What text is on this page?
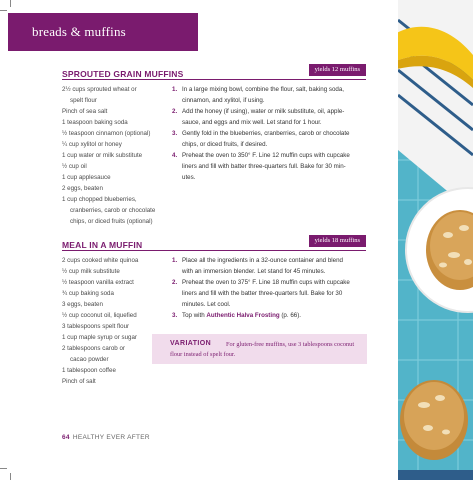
breads & muffins
SPROUTED GRAIN MUFFINS	yields 12 muffins
2½ cups sprouted wheat or
spelt flour
Pinch of sea salt
1 teaspoon baking soda
½ teaspoon cinnamon (optional)
¼ cup xylitol or honey
1 cup water or milk substitute
½ cup oil
1 cup applesauce
2 eggs, beaten
1 cup chopped blueberries,
cranberries, carob or chocolate
chips, or diced fruits (optional)
1. In a large mixing bowl, combine the flour, salt, baking soda,
cinnamon, and xylitol, if using.
2. Add the honey (if using), water or milk substitute, oil, apple-
sauce, and eggs and mix well. Let stand for 1 hour.
3. Gently fold in the blueberries, cranberries, carob or chocolate
chips, or diced fruits, if desired.
4. Preheat the oven to 350° F. Line 12 muffin cups with cupcake
liners and fill with batter three-quarters full. Bake for 30 min-
utes.
MEAL IN A MUFFIN	yields 18 muffins
2 cups cooked white quinoa
½ cup milk substitute
½ teaspoon vanilla extract
¾ cup baking soda
3 eggs, beaten
½ cup coconut oil, liquefied
3 tablespoons spelt flour
1 cup maple syrup or sugar
2 tablespoons carob or
cacao powder
1 tablespoon coffee
Pinch of salt
1. Place all the ingredients in a 32-ounce container and blend
with an immersion blender. Let stand for 45 minutes.
2. Preheat the oven to 375° F. Line 18 muffin cups with cupcake
liners and fill with the batter three-quarters full. Bake for 30
minutes. Let cool.
3. Top with Authentic Halva Frosting (p. 66).
VARIATION	For gluten-free muffins, use 3 tablespoons coconut flour instead of spelt four.
64 HEALTHY EVER AFTER
